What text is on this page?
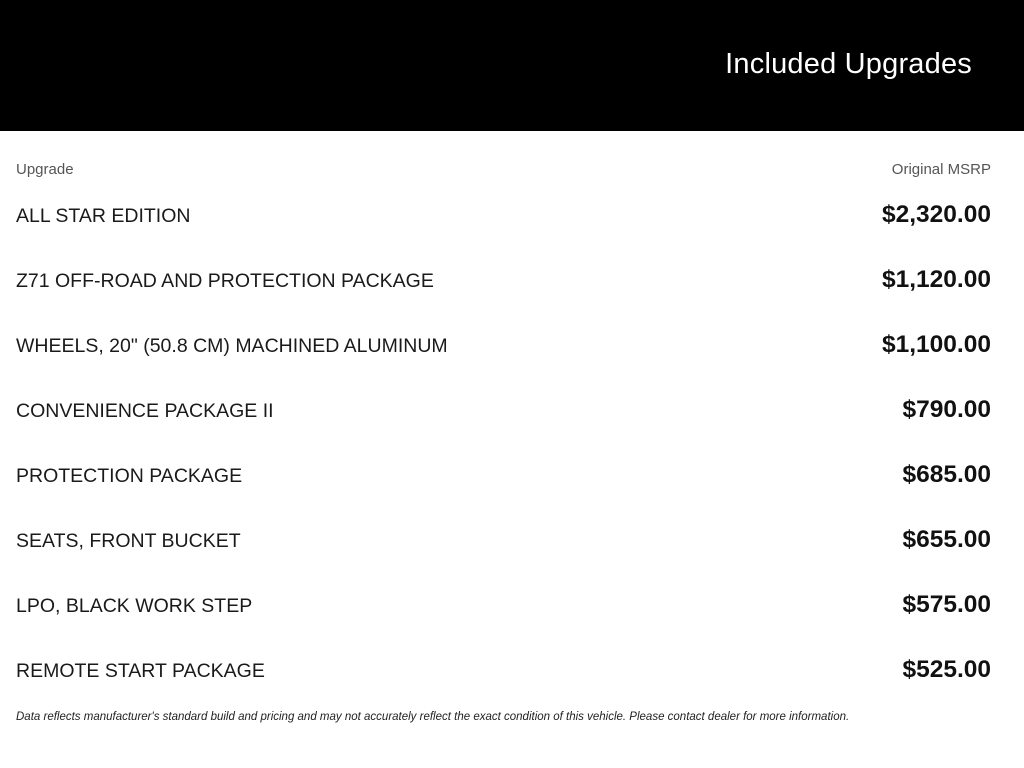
Included Upgrades
Upgrade	Original MSRP
ALL STAR EDITION	$2,320.00
Z71 OFF-ROAD AND PROTECTION PACKAGE	$1,120.00
WHEELS, 20" (50.8 CM) MACHINED ALUMINUM	$1,100.00
CONVENIENCE PACKAGE II	$790.00
PROTECTION PACKAGE	$685.00
SEATS, FRONT BUCKET	$655.00
LPO, BLACK WORK STEP	$575.00
REMOTE START PACKAGE	$525.00
Data reflects manufacturer's standard build and pricing and may not accurately reflect the exact condition of this vehicle. Please contact dealer for more information.
